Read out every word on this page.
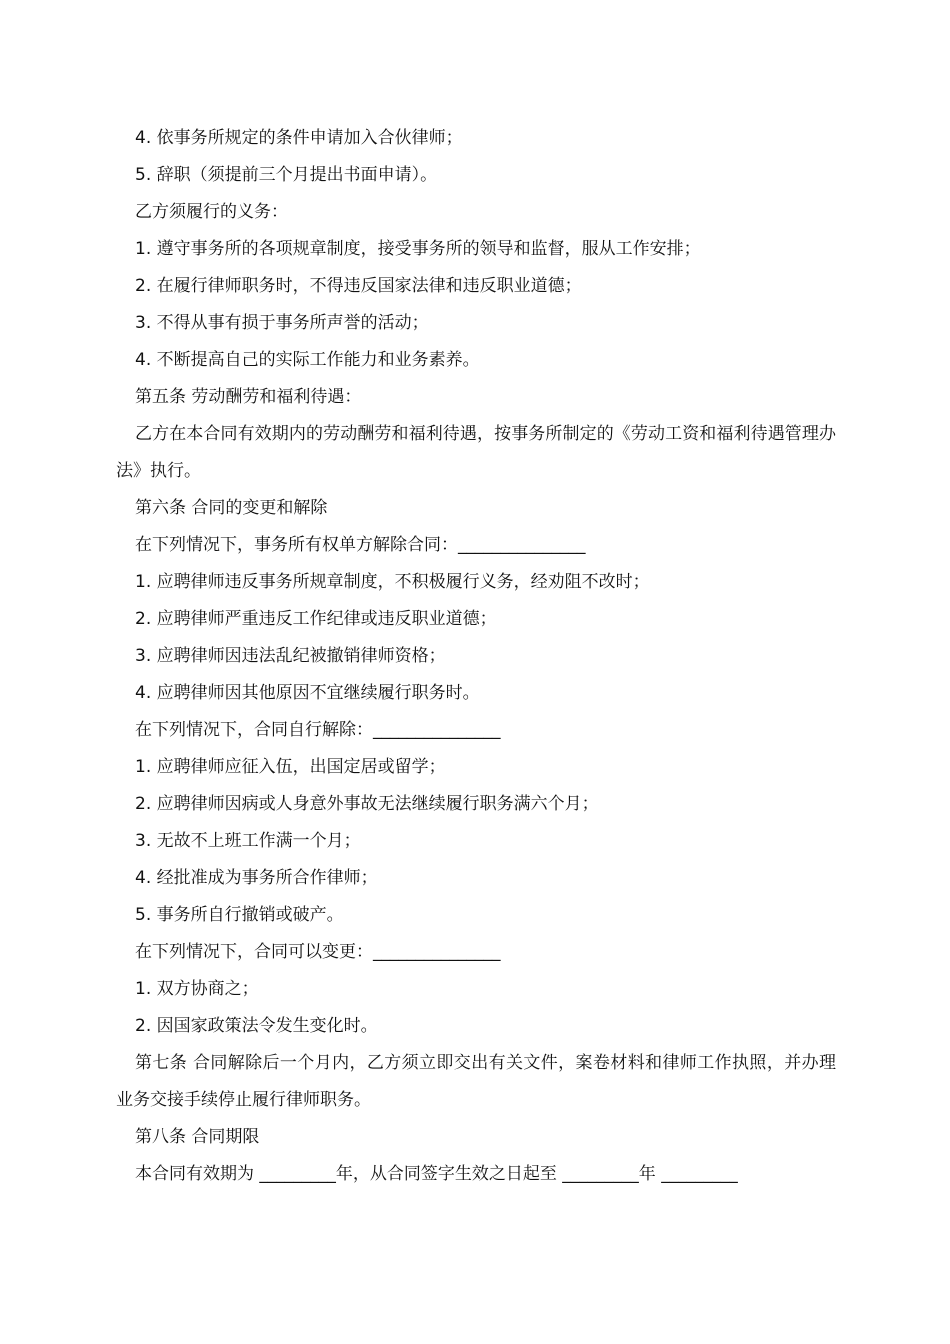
4. 依事务所规定的条件申请加入合伙律师；
5. 辞职（须提前三个月提出书面申请）。
乙方须履行的义务：
1. 遵守事务所的各项规章制度，接受事务所的领导和监督，服从工作安排；
2. 在履行律师职务时，不得违反国家法律和违反职业道德；
3. 不得从事有损于事务所声誉的活动；
4. 不断提高自己的实际工作能力和业务素养。
第五条 劳动酬劳和福利待遇：
乙方在本合同有效期内的劳动酬劳和福利待遇，按事务所制定的《劳动工资和福利待遇管理办法》执行。
第六条 合同的变更和解除
在下列情况下，事务所有权单方解除合同：_______________
1. 应聘律师违反事务所规章制度，不积极履行义务，经劝阻不改时；
2. 应聘律师严重违反工作纪律或违反职业道德；
3. 应聘律师因违法乱纪被撤销律师资格；
4. 应聘律师因其他原因不宜继续履行职务时。
在下列情况下，合同自行解除：_______________
1. 应聘律师应征入伍，出国定居或留学；
2. 应聘律师因病或人身意外事故无法继续履行职务满六个月；
3. 无故不上班工作满一个月；
4. 经批准成为事务所合作律师；
5. 事务所自行撤销或破产。
在下列情况下，合同可以变更：_______________
1. 双方协商之；
2. 因国家政策法令发生变化时。
第七条 合同解除后一个月内，乙方须立即交出有关文件，案卷材料和律师工作执照，并办理业务交接手续停止履行律师职务。
第八条 合同期限
本合同有效期为 _________年，从合同签字生效之日起至 _________年 _________
